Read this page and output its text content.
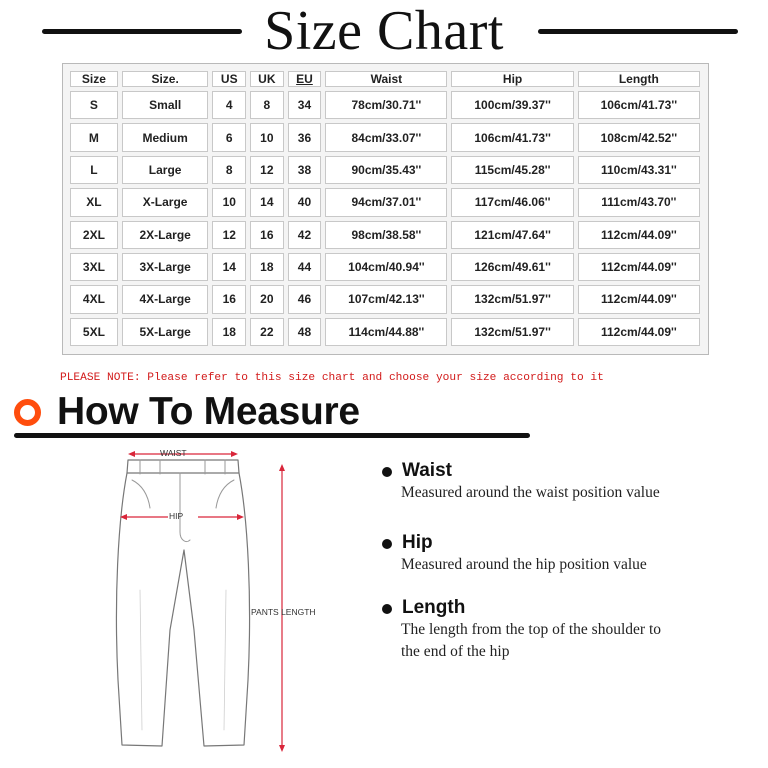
Size Chart
Size	Size.	US	UK	EU	Waist	Hip	Length
S	Small	4	8	34	78cm/30.71''	100cm/39.37''	106cm/41.73''
M	Medium	6	10	36	84cm/33.07''	106cm/41.73''	108cm/42.52''
L	Large	8	12	38	90cm/35.43''	115cm/45.28''	110cm/43.31''
XL	X-Large	10	14	40	94cm/37.01''	117cm/46.06''	111cm/43.70''
2XL	2X-Large	12	16	42	98cm/38.58''	121cm/47.64''	112cm/44.09''
3XL	3X-Large	14	18	44	104cm/40.94''	126cm/49.61''	112cm/44.09''
4XL	4X-Large	16	20	46	107cm/42.13''	132cm/51.97''	112cm/44.09''
5XL	5X-Large	18	22	48	114cm/44.88''	132cm/51.97''	112cm/44.09''
PLEASE NOTE: Please refer to this size chart and choose your size according to it
How To Measure
WAIST
HIP
PANTS LENGTH
Waist
Measured around the waist position value
Hip
Measured around the hip position value
Length
The length from the top of the shoulder to
the end of the hip
